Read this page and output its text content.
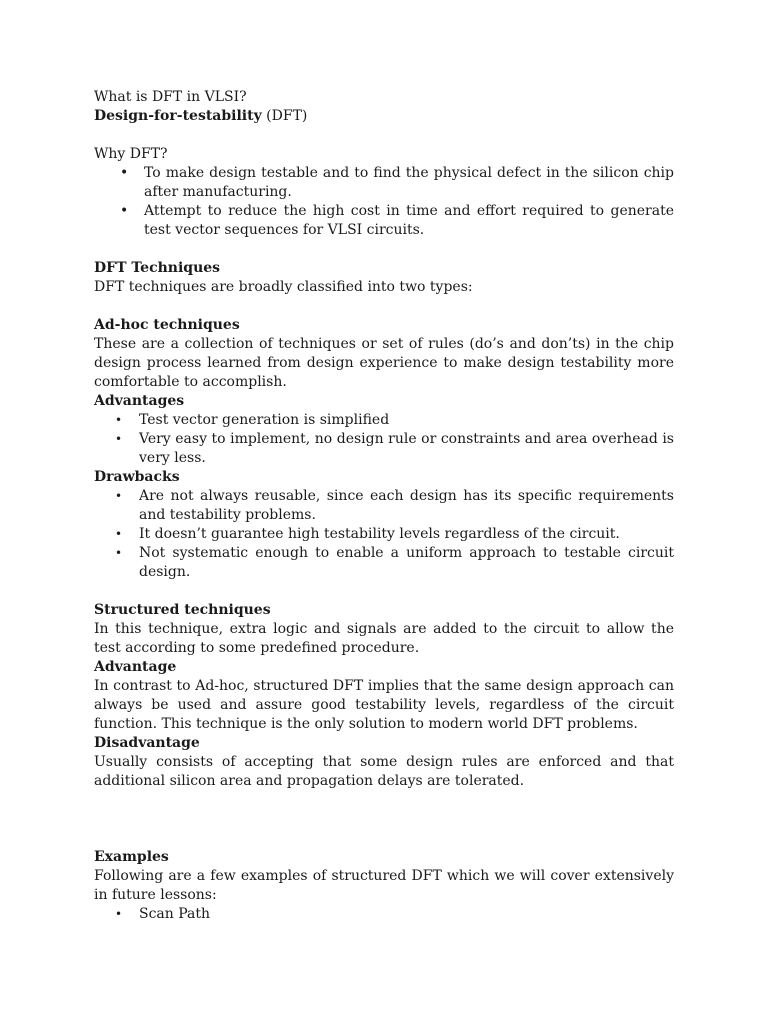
What is DFT in VLSI?

Design-for-testability (DFT)

Why DFT?

• To make design testable and to find the physical defect in the silicon chip after manufacturing.
• Attempt to reduce the high cost in time and effort required to generate test vector sequences for VLSI circuits.

DFT Techniques

DFT techniques are broadly classified into two types:

Ad-hoc techniques

These are a collection of techniques or set of rules (do’s and don’ts) in the chip design process learned from design experience to make design testability more comfortable to accomplish.

Advantages

• Test vector generation is simplified
• Very easy to implement, no design rule or constraints and area overhead is very less.

Drawbacks

• Are not always reusable, since each design has its specific requirements and testability problems.
• It doesn’t guarantee high testability levels regardless of the circuit.
• Not systematic enough to enable a uniform approach to testable circuit design.

Structured techniques

In this technique, extra logic and signals are added to the circuit to allow the test according to some predefined procedure.

Advantage

In contrast to Ad-hoc, structured DFT implies that the same design approach can always be used and assure good testability levels, regardless of the circuit function. This technique is the only solution to modern world DFT problems.

Disadvantage

Usually consists of accepting that some design rules are enforced and that additional silicon area and propagation delays are tolerated.

Examples

Following are a few examples of structured DFT which we will cover extensively in future lessons:

• Scan Path
